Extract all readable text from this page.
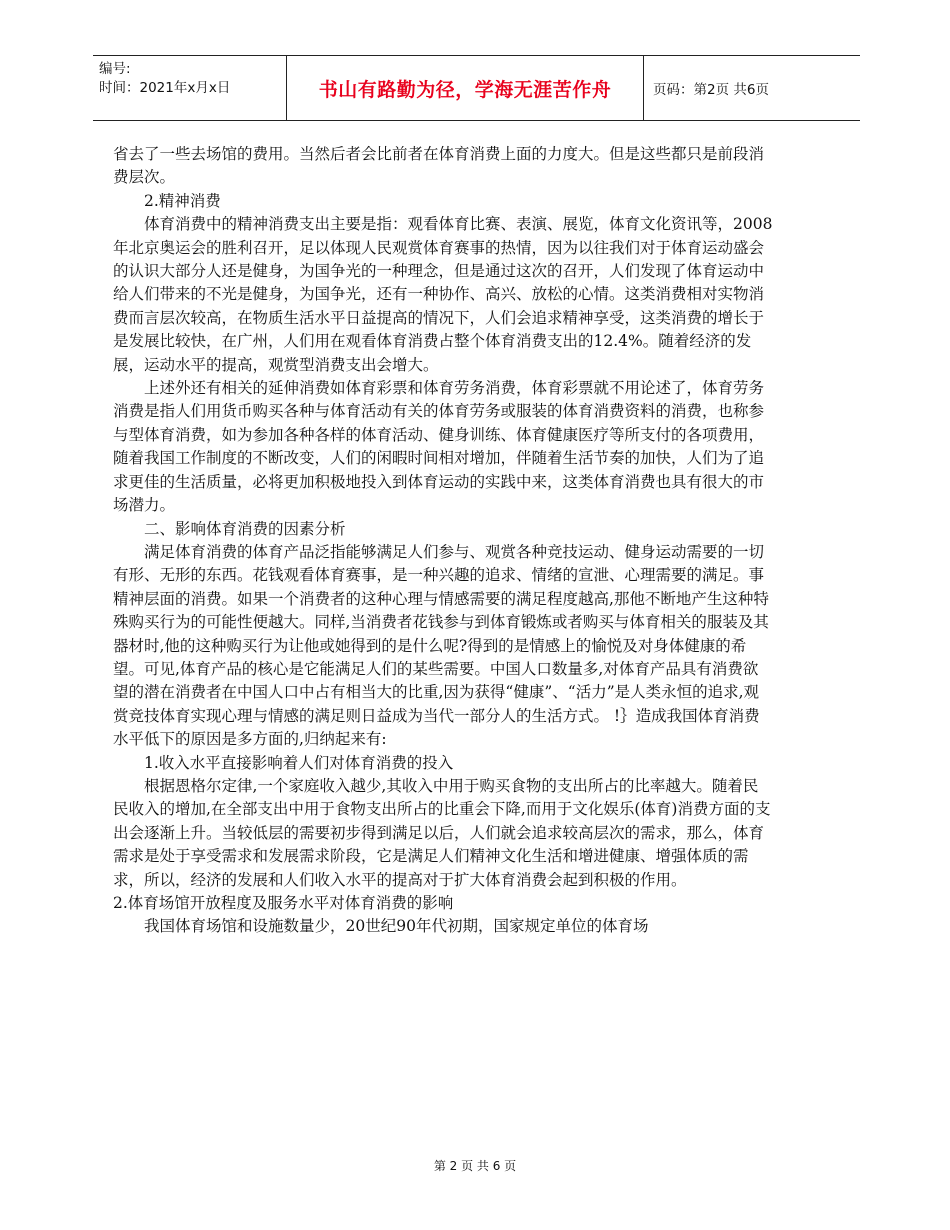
编号:
时间：2021年x月x日	书山有路勤为径，学海无涯苦作舟	页码：第2页 共6页

省去了一些去场馆的费用。当然后者会比前者在体育消费上面的力度大。但是这些都只是前段消费层次。

2.精神消费

体育消费中的精神消费支出主要是指：观看体育比赛、表演、展览，体育文化资讯等，2008年北京奥运会的胜利召开，足以体现人民观赏体育赛事的热情，因为以往我们对于体育运动盛会的认识大部分人还是健身，为国争光的一种理念，但是通过这次的召开，人们发现了体育运动中给人们带来的不光是健身，为国争光，还有一种协作、高兴、放松的心情。这类消费相对实物消费而言层次较高，在物质生活水平日益提高的情况下，人们会追求精神享受，这类消费的增长于是发展比较快，在广州，人们用在观看体育消费占整个体育消费支出的12.4%。随着经济的发展，运动水平的提高，观赏型消费支出会增大。

上述外还有相关的延伸消费如体育彩票和体育劳务消费，体育彩票就不用论述了，体育劳务消费是指人们用货币购买各种与体育活动有关的体育劳务或服装的体育消费资料的消费，也称参与型体育消费，如为参加各种各样的体育活动、健身训练、体育健康医疗等所支付的各项费用，随着我国工作制度的不断改变，人们的闲暇时间相对增加，伴随着生活节奏的加快，人们为了追求更佳的生活质量，必将更加积极地投入到体育运动的实践中来，这类体育消费也具有很大的市场潜力。

二、影响体育消费的因素分析

满足体育消费的体育产品泛指能够满足人们参与、观赏各种竞技运动、健身运动需要的一切有形、无形的东西。花钱观看体育赛事，是一种兴趣的追求、情绪的宣泄、心理需要的满足。事精神层面的消费。如果一个消费者的这种心理与情感需要的满足程度越高,那他不断地产生这种特殊购买行为的可能性便越大。同样,当消费者花钱参与到体育锻炼或者购买与体育相关的服装及其器材时,他的这种购买行为让他或她得到的是什么呢?得到的是情感上的愉悦及对身体健康的希望。可见,体育产品的核心是它能满足人们的某些需要。中国人口数量多,对体育产品具有消费欲望的潜在消费者在中国人口中占有相当大的比重,因为获得“健康”、“活力”是人类永恒的追求,观赏竞技体育实现心理与情感的满足则日益成为当代一部分人的生活方式。 !｝造成我国体育消费水平低下的原因是多方面的,归纳起来有:

1.收入水平直接影响着人们对体育消费的投入

根据恩格尔定律,一个家庭收入越少,其收入中用于购买食物的支出所占的比率越大。随着民民收入的增加,在全部支出中用于食物支出所占的比重会下降,而用于文化娱乐(体育)消费方面的支出会逐渐上升。当较低层的需要初步得到满足以后，人们就会追求较高层次的需求，那么，体育需求是处于享受需求和发展需求阶段，它是满足人们精神文化生活和增进健康、增强体质的需求，所以，经济的发展和人们收入水平的提高对于扩大体育消费会起到积极的作用。

2.体育场馆开放程度及服务水平对体育消费的影响

我国体育场馆和设施数量少，20世纪90年代初期，国家规定单位的体育场

第 2 页 共 6 页
